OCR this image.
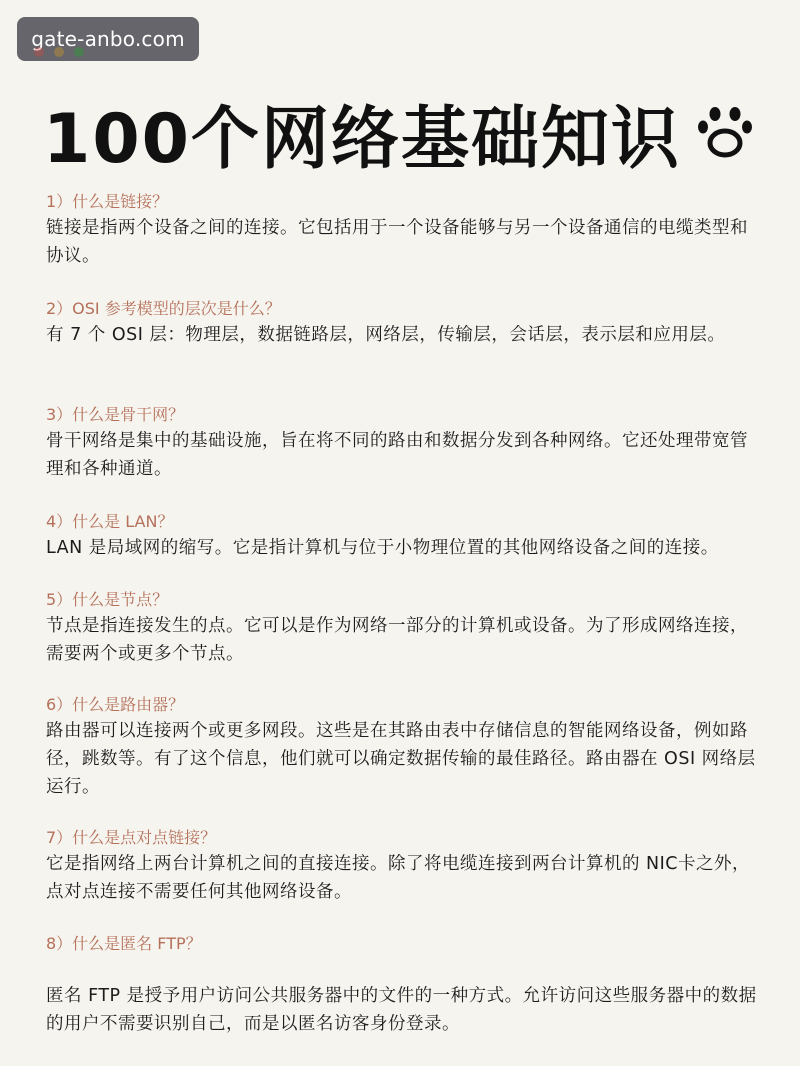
gate-anbo.com
100个网络基础知识

1）什么是链接？

链接是指两个设备之间的连接。它包括用于一个设备能够与另一个设备通信的电缆类型和协议。

2）OSI 参考模型的层次是什么？

有 7 个 OSI 层：物理层，数据链路层，网络层，传输层，会话层，表示层和应用层。

3）什么是骨干网？

骨干网络是集中的基础设施，旨在将不同的路由和数据分发到各种网络。它还处理带宽管理和各种通道。

4）什么是 LAN？

LAN 是局域网的缩写。它是指计算机与位于小物理位置的其他网络设备之间的连接。

5）什么是节点？

节点是指连接发生的点。它可以是作为网络一部分的计算机或设备。为了形成网络连接，需要两个或更多个节点。

6）什么是路由器？

路由器可以连接两个或更多网段。这些是在其路由表中存储信息的智能网络设备，例如路径，跳数等。有了这个信息，他们就可以确定数据传输的最佳路径。路由器在 OSI 网络层运行。

7）什么是点对点链接？

它是指网络上两台计算机之间的直接连接。除了将电缆连接到两台计算机的 NIC卡之外，点对点连接不需要任何其他网络设备。

8）什么是匿名 FTP？

匿名 FTP 是授予用户访问公共服务器中的文件的一种方式。允许访问这些服务器中的数据的用户不需要识别自己，而是以匿名访客身份登录。
